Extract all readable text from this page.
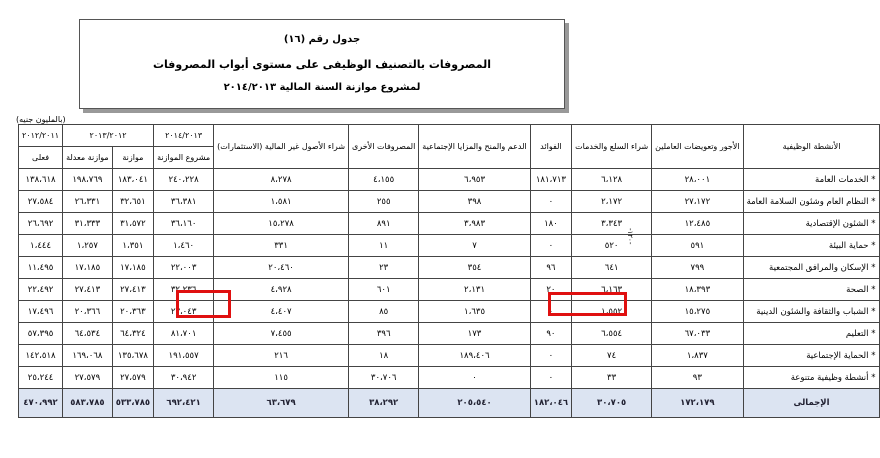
جدول رقم (١٦)
المصروفات بالتصنيف الوظيفى على مستوى أبواب المصروفات
لمشروع موازنة السنة المالية ٢٠١٤/٢٠١٣
(بالمليون جنيه)
-١٢٠-
الأنشطة الوظيفية	الأجور وتعويضات العاملين	شراء السلع والخدمات	الفوائد	الدعم والمنح والمزايا الإجتماعية	المصروفات الأخرى	شراء الأصول غير المالية (الاستثمارات)	٢٠١٤/٢٠١٣	٢٠١٣/٢٠١٢		٢٠١٢/٢٠١١
							مشروع الموازنة	موازنة	موازنة معدلة	فعلى
* الخدمات العامة	٢٨،٠٠١	٦،١٢٨	١٨١،٧١٣	٦،٩٥٣	٤،١٥٥	٨،٢٧٨	٢٤٠،٢٢٨	١٨٣،٠٤١	١٩٨،٧٦٩	١٣٨،٦١٨
* النظام العام وشئون السلامة العامة	٢٧،١٧٢	٢،١٧٢	٠	٣٩٨	٢٥٥	١،٥٨١	٣٦،٣٨١	٣٢،٦٥١	٢٦،٣٣١	٢٧،٥٨٤
* الشئون الإقتصادية	١٢،٤٨٥	٣،٣٤٣	١٨٠	٣،٩٨٣	٨٩١	١٥،٢٧٨	٣٦،١٦٠	٣١،٥٧٢	٣١،٣٣٣	٢٦،٦٩٢
* حماية البيئة	٥٩١	٥٢٠	٠	٧	١١	٣٣١	١،٤٦٠	١،٣٥١	١،٢٥٧	١،٤٤٤
* الإسكان والمرافق المجتمعية	٧٩٩	٦٤١	٩٦	٣٥٤	٢٣	٢٠،٤٦٠	٢٢،٠٠٣	١٧،١٨٥	١٧،١٨٥	١١،٤٩٥
* الصحة	١٨،٣٩٣	٦،١٦٣	٢٠	٢،١٣١	٦٠١	٤،٩٢٨	٣٢،٢٣٦	٢٧،٤١٣	٢٧،٤١٣	٢٢،٤٩٢
* الشباب والثقافة والشئون الدينية	١٥،٢٧٥	١،٥٥٢	٠	١،٦٣٥	٨٥	٤،٤٠٧	٢٣،٠٤٣	٢٠،٣٦٣	٢٠،٣٦٦	١٧،٤٩٦
* التعليم	٦٧،٠٣٣	٦،٥٥٤	٩٠	١٧٣	٣٩٦	٧،٤٥٥	٨١،٧٠١	٦٤،٣٢٤	٦٤،٥٣٤	٥٧،٣٩٥
* الحماية الإجتماعية	١،٨٣٧	٧٤	٠	١٨٩،٤٠٦	١٨	٢١٦	١٩١،٥٥٧	١٣٥،٦٧٨	١٦٩،٠٦٨	١٤٢،٥١٨
* أنشطة وظيفية متنوعة	٩٣	٣٣	٠	٠	٣٠،٧٠٦	١١٥	٣٠،٩٤٢	٢٧،٥٧٩	٢٧،٥٧٩	٢٥،٢٤٤
الإجمالى	١٧٢،١٧٩	٣٠،٧٠٥	١٨٢،٠٤٦	٢٠٥،٥٤٠	٣٨،٢٩٢	٦٣،٦٧٩	٦٩٢،٤٢١	٥٣٣،٧٨٥	٥٨٣،٧٨٥	٤٧٠،٩٩٢
